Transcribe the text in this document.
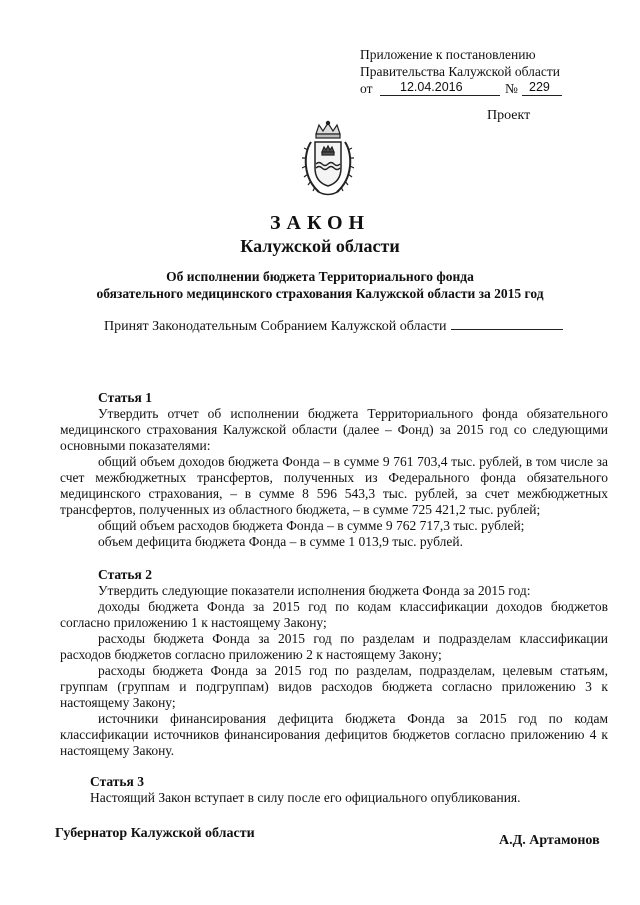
Приложение к постановлению
Правительства Калужской области
от 12.04.2016	№ 229
Проект
ЗАКОН
Калужской области
Об исполнении бюджета Территориального фонда
обязательного медицинского страхования Калужской области за 2015 год
Принят Законодательным Собранием Калужской области
Статья 1
Утвердить отчет об исполнении бюджета Территориального фонда обязательного медицинского страхования Калужской области (далее – Фонд) за 2015 год со следующими основными показателями:
общий объем доходов бюджета Фонда – в сумме 9 761 703,4 тыс. рублей, в том числе за счет межбюджетных трансфертов, полученных из Федерального фонда обязательного медицинского страхования, – в сумме 8 596 543,3 тыс. рублей, за счет межбюджетных трансфертов, полученных из областного бюджета, – в сумме 725 421,2 тыс. рублей;
общий объем расходов бюджета Фонда – в сумме 9 762 717,3 тыс. рублей;
объем дефицита бюджета Фонда – в сумме 1 013,9 тыс. рублей.
Статья 2
Утвердить следующие показатели исполнения бюджета Фонда за 2015 год:
доходы бюджета Фонда за 2015 год по кодам классификации доходов бюджетов согласно приложению 1 к настоящему Закону;
расходы бюджета Фонда за 2015 год по разделам и подразделам классификации расходов бюджетов согласно приложению 2 к настоящему Закону;
расходы бюджета Фонда за 2015 год по разделам, подразделам, целевым статьям, группам (группам и подгруппам) видов расходов бюджета согласно приложению 3 к настоящему Закону;
источники финансирования дефицита бюджета Фонда за 2015 год по кодам классификации источников финансирования дефицитов бюджетов согласно приложению 4 к настоящему Закону.
Статья 3
Настоящий Закон вступает в силу после его официального опубликования.
Губернатор Калужской области	А.Д. Артамонов
